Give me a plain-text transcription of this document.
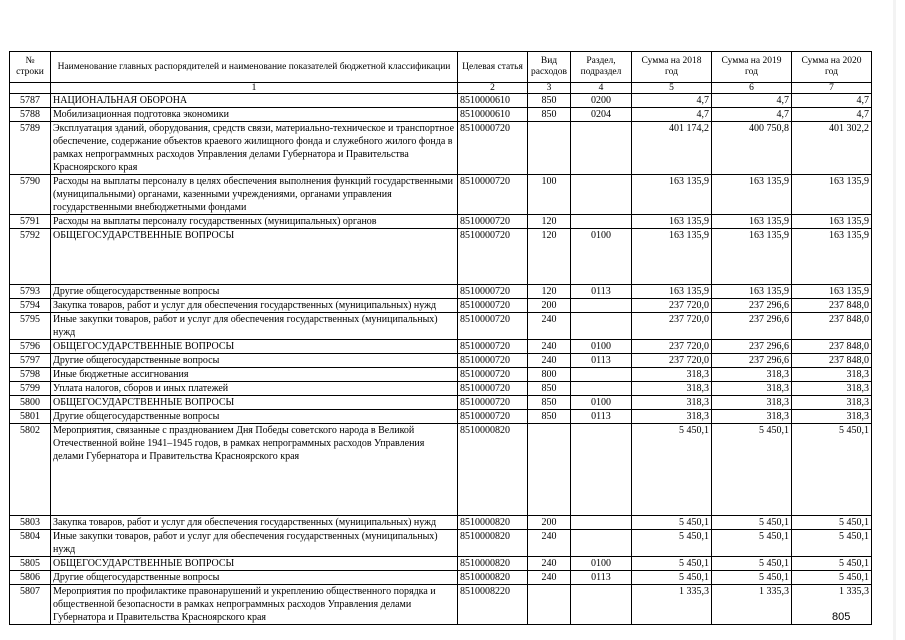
№ строки	Наименование главных распорядителей и наименование показателей бюджетной классификации	Целевая статья	Вид расходов	Раздел, подраздел	Сумма на 2018 год	Сумма на 2019 год	Сумма на 2020 год
	1	2	3	4	5	6	7
5787	НАЦИОНАЛЬНАЯ ОБОРОНА	8510000610	850	0200	4,7	4,7	4,7
5788	Мобилизационная подготовка экономики	8510000610	850	0204	4,7	4,7	4,7
5789	Эксплуатация зданий, оборудования, средств связи, материально-техническое и транспортное обеспечение, содержание объектов краевого жилищного фонда и служебного жилого фонда в рамках непрограммных расходов Управления делами Губернатора и Правительства Красноярского края	8510000720			401 174,2	400 750,8	401 302,2
5790	Расходы на выплаты персоналу в целях обеспечения выполнения функций государственными (муниципальными) органами, казенными учреждениями, органами управления государственными внебюджетными фондами	8510000720	100		163 135,9	163 135,9	163 135,9
5791	Расходы на выплаты персоналу государственных (муниципальных) органов	8510000720	120		163 135,9	163 135,9	163 135,9
5792	ОБЩЕГОСУДАРСТВЕННЫЕ ВОПРОСЫ	8510000720	120	0100	163 135,9	163 135,9	163 135,9
5793	Другие общегосударственные вопросы	8510000720	120	0113	163 135,9	163 135,9	163 135,9
5794	Закупка товаров, работ и услуг для обеспечения государственных (муниципальных) нужд	8510000720	200		237 720,0	237 296,6	237 848,0
5795	Иные закупки товаров, работ и услуг для обеспечения государственных (муниципальных) нужд	8510000720	240		237 720,0	237 296,6	237 848,0
5796	ОБЩЕГОСУДАРСТВЕННЫЕ ВОПРОСЫ	8510000720	240	0100	237 720,0	237 296,6	237 848,0
5797	Другие общегосударственные вопросы	8510000720	240	0113	237 720,0	237 296,6	237 848,0
5798	Иные бюджетные ассигнования	8510000720	800		318,3	318,3	318,3
5799	Уплата налогов, сборов и иных платежей	8510000720	850		318,3	318,3	318,3
5800	ОБЩЕГОСУДАРСТВЕННЫЕ ВОПРОСЫ	8510000720	850	0100	318,3	318,3	318,3
5801	Другие общегосударственные вопросы	8510000720	850	0113	318,3	318,3	318,3
5802	Мероприятия, связанные с празднованием Дня Победы советского народа в Великой Отечественной войне 1941–1945 годов, в рамках непрограммных расходов Управления делами Губернатора и Правительства Красноярского края	8510000820			5 450,1	5 450,1	5 450,1
5803	Закупка товаров, работ и услуг для обеспечения государственных (муниципальных) нужд	8510000820	200		5 450,1	5 450,1	5 450,1
5804	Иные закупки товаров, работ и услуг для обеспечения государственных (муниципальных) нужд	8510000820	240		5 450,1	5 450,1	5 450,1
5805	ОБЩЕГОСУДАРСТВЕННЫЕ ВОПРОСЫ	8510000820	240	0100	5 450,1	5 450,1	5 450,1
5806	Другие общегосударственные вопросы	8510000820	240	0113	5 450,1	5 450,1	5 450,1
5807	Мероприятия по профилактике правонарушений и укреплению общественного порядка и общественной безопасности в рамках непрограммных расходов Управления делами Губернатора и Правительства Красноярского края	8510008220			1 335,3	1 335,3	1 335,3
805
